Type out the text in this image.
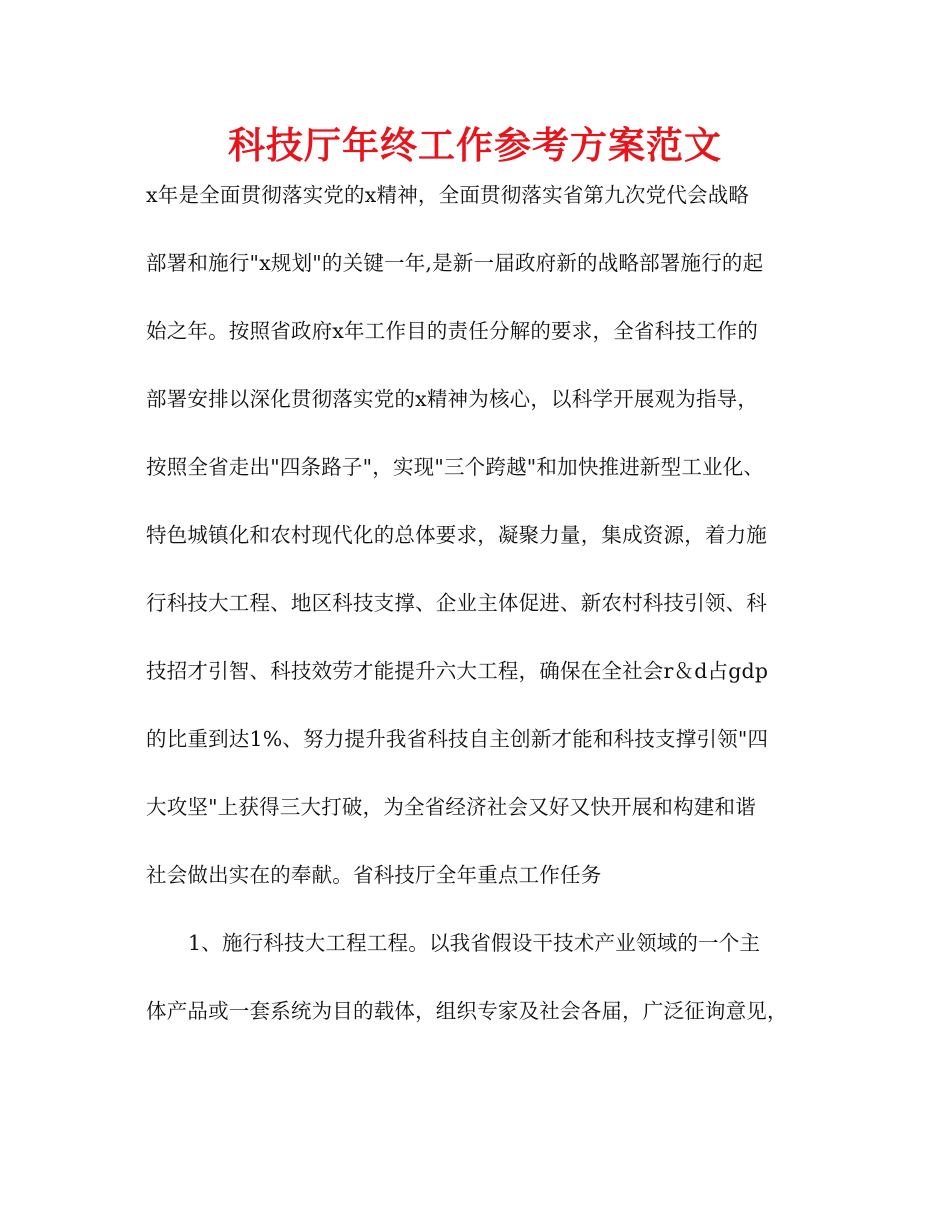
科技厅年终工作参考方案范文
x年是全面贯彻落实党的x精神，全面贯彻落实省第九次党代会战略
部署和施行"x规划"的关键一年,是新一届政府新的战略部署施行的起
始之年。按照省政府x年工作目的责任分解的要求，全省科技工作的
部署安排以深化贯彻落实党的x精神为核心，以科学开展观为指导，
按照全省走出"四条路子"，实现"三个跨越"和加快推进新型工业化、
特色城镇化和农村现代化的总体要求，凝聚力量，集成资源，着力施
行科技大工程、地区科技支撑、企业主体促进、新农村科技引领、科
技招才引智、科技效劳才能提升六大工程，确保在全社会r＆d占gdp
的比重到达1%、努力提升我省科技自主创新才能和科技支撑引领"四
大攻坚"上获得三大打破，为全省经济社会又好又快开展和构建和谐
社会做出实在的奉献。省科技厅全年重点工作任务
1、施行科技大工程工程。以我省假设干技术产业领域的一个主
体产品或一套系统为目的载体，组织专家及社会各届，广泛征询意见，
